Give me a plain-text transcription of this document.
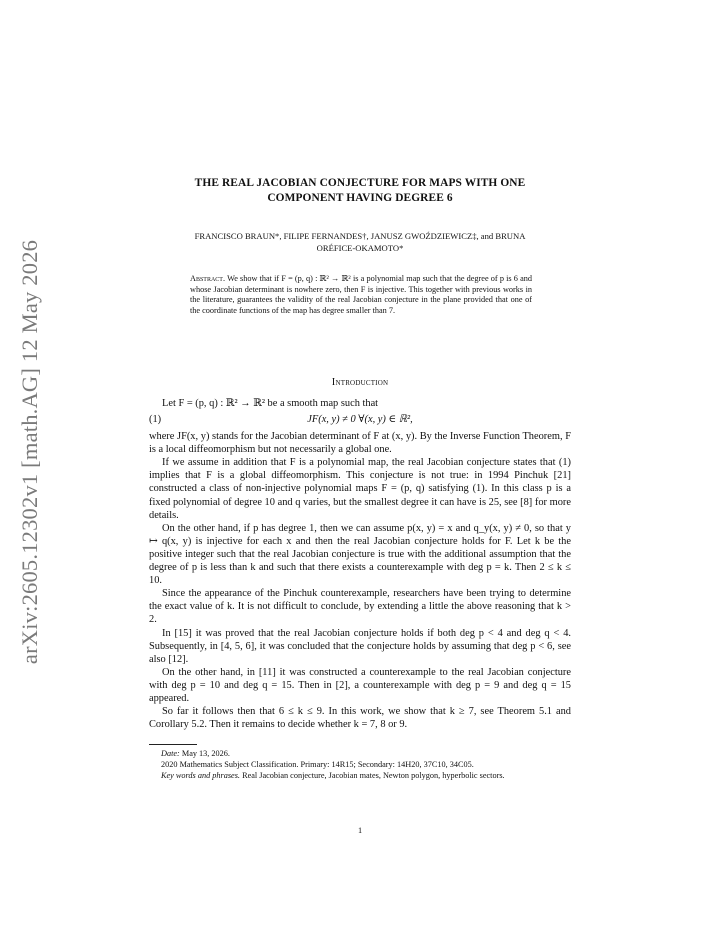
arXiv:2605.12302v1 [math.AG] 12 May 2026
THE REAL JACOBIAN CONJECTURE FOR MAPS WITH ONE
COMPONENT HAVING DEGREE 6
FRANCISCO BRAUN*, FILIPE FERNANDES†, JANUSZ GWOŹDZIEWICZ‡, and BRUNA
ORÉFICE-OKAMOTO*
Abstract. We show that if F = (p, q) : ℝ² → ℝ² is a polynomial map such that the degree of p is 6 and whose Jacobian determinant is nowhere zero, then F is injective. This together with previous works in the literature, guarantees the validity of the real Jacobian conjecture in the plane provided that one of the coordinate functions of the map has degree smaller than 7.
Introduction

Let F = (p, q) : ℝ² → ℝ² be a smooth map such that

(1)	JF(x, y) ≠ 0 ∀(x, y) ∈ ℝ²,

where JF(x, y) stands for the Jacobian determinant of F at (x, y). By the Inverse Function Theorem, F is a local diffeomorphism but not necessarily a global one.

If we assume in addition that F is a polynomial map, the real Jacobian conjecture states that (1) implies that F is a global diffeomorphism. This conjecture is not true: in 1994 Pinchuk [21] constructed a class of non-injective polynomial maps F = (p, q) satisfying (1). In this class p is a fixed polynomial of degree 10 and q varies, but the smallest degree it can have is 25, see [8] for more details.

On the other hand, if p has degree 1, then we can assume p(x, y) = x and q_y(x, y) ≠ 0, so that y ↦ q(x, y) is injective for each x and then the real Jacobian conjecture holds for F. Let k be the positive integer such that the real Jacobian conjecture is true with the additional assumption that the degree of p is less than k and such that there exists a counterexample with deg p = k. Then 2 ≤ k ≤ 10.

Since the appearance of the Pinchuk counterexample, researchers have been trying to determine the exact value of k. It is not difficult to conclude, by extending a little the above reasoning that k > 2.

In [15] it was proved that the real Jacobian conjecture holds if both deg p < 4 and deg q < 4. Subsequently, in [4, 5, 6], it was concluded that the conjecture holds by assuming that deg p < 6, see also [12].

On the other hand, in [11] it was constructed a counterexample to the real Jacobian conjecture with deg p = 10 and deg q = 15. Then in [2], a counterexample with deg p = 9 and deg q = 15 appeared.

So far it follows then that 6 ≤ k ≤ 9. In this work, we show that k ≥ 7, see Theorem 5.1 and Corollary 5.2. Then it remains to decide whether k = 7, 8 or 9.

Date: May 13, 2026.

2020 Mathematics Subject Classification. Primary: 14R15; Secondary: 14H20, 37C10, 34C05.

Key words and phrases. Real Jacobian conjecture, Jacobian mates, Newton polygon, hyperbolic sectors.

1
